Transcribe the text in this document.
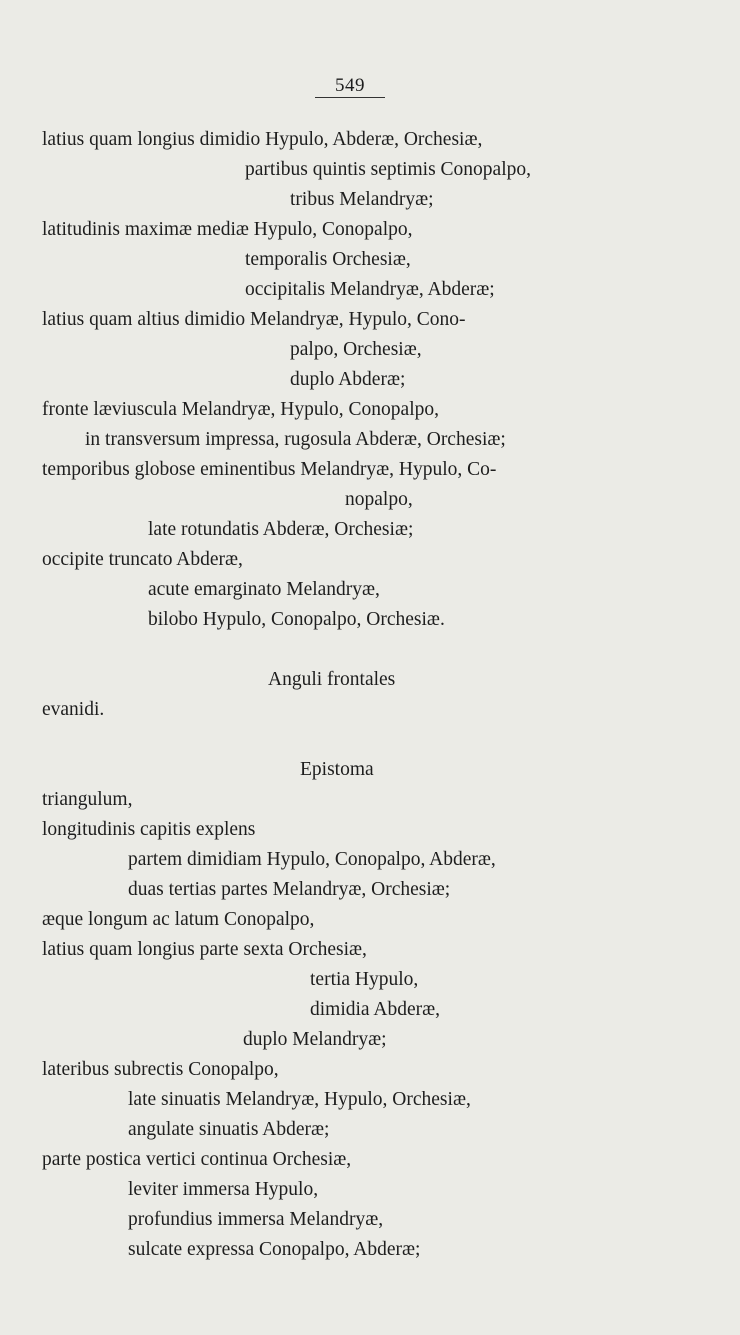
549
latius quam longius dimidio Hypulo, Abderæ, Orchesiæ,
partibus quintis septimis Conopalpo,
tribus Melandryæ;
latitudinis maximæ mediæ Hypulo, Conopalpo,
temporalis Orchesiæ,
occipitalis Melandryæ, Abderæ;
latius quam altius dimidio Melandryæ, Hypulo, Cono-
palpo, Orchesiæ,
duplo Abderæ;
fronte læviuscula Melandryæ, Hypulo, Conopalpo,
in transversum impressa, rugosula Abderæ, Orchesiæ;
temporibus globose eminentibus Melandryæ, Hypulo, Co-
nopalpo,
late rotundatis Abderæ, Orchesiæ;
occipite truncato Abderæ,
acute emarginato Melandryæ,
bilobo Hypulo, Conopalpo, Orchesiæ.
Anguli frontales
evanidi.
Epistoma
triangulum,
longitudinis capitis explens
partem dimidiam Hypulo, Conopalpo, Abderæ,
duas tertias partes Melandryæ, Orchesiæ;
æque longum ac latum Conopalpo,
latius quam longius parte sexta Orchesiæ,
tertia Hypulo,
dimidia Abderæ,
duplo Melandryæ;
lateribus subrectis Conopalpo,
late sinuatis Melandryæ, Hypulo, Orchesiæ,
angulate sinuatis Abderæ;
parte postica vertici continua Orchesiæ,
leviter immersa Hypulo,
profundius immersa Melandryæ,
sulcate expressa Conopalpo, Abderæ;
